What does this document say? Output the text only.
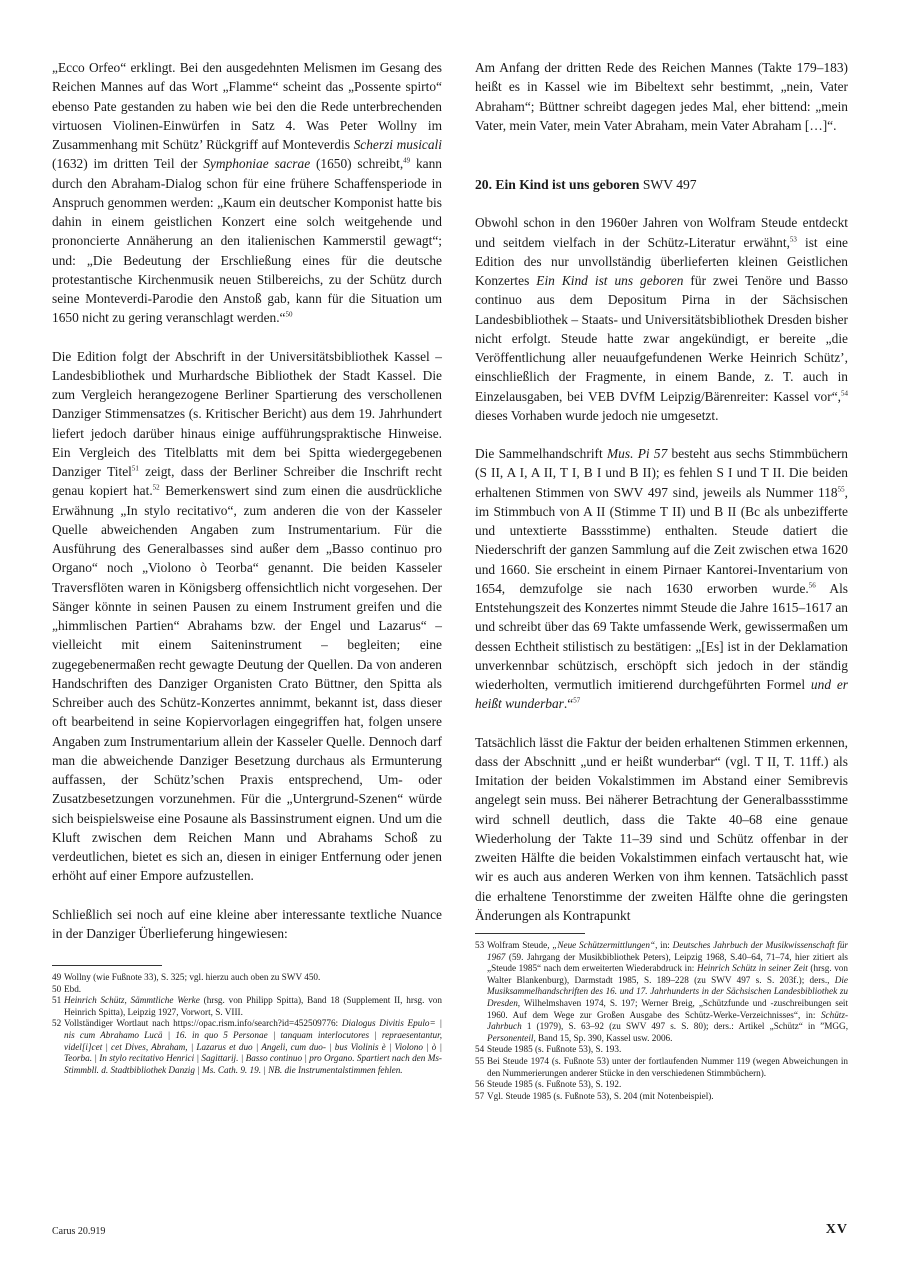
„Ecco Orfeo“ erklingt. Bei den ausgedehnten Melismen im Gesang des Reichen Mannes auf das Wort „Flamme“ scheint das „Possente spirto“ ebenso Pate gestanden zu haben wie bei den die Rede unterbrechenden virtuosen Violinen-Einwürfen in Satz 4. Was Peter Wollny im Zusammenhang mit Schütz’ Rückgriff auf Monteverdis Scherzi musicali (1632) im dritten Teil der Symphoniae sacrae (1650) schreibt,$^{49}$ kann durch den Abraham-Dialog schon für eine frühere Schaffensperiode in Anspruch genommen werden: „Kaum ein deutscher Komponist hatte bis dahin in einem geistlichen Konzert eine solch weitgehende und prononcierte Annäherung an den italienischen Kammerstil gewagt“; und: „Die Bedeutung der Erschließung eines für die deutsche protestantische Kirchenmusik neuen Stilbereichs, zu der Schütz durch seine Monteverdi-Parodie den Anstoß gab, kann für die Situation um 1650 nicht zu gering veranschlagt werden.“$^{50}$

Die Edition folgt der Abschrift in der Universitätsbibliothek Kassel – Landesbibliothek und Murhardsche Bibliothek der Stadt Kassel. Die zum Vergleich herangezogene Berliner Spartierung des verschollenen Danziger Stimmensatzes (s. Kritischer Bericht) aus dem 19. Jahrhundert liefert jedoch darüber hinaus einige aufführungspraktische Hinweise. Ein Vergleich des Titelblatts mit dem bei Spitta wiedergegebenen Danziger Titel$^{51}$ zeigt, dass der Berliner Schreiber die Inschrift recht genau kopiert hat.$^{52}$ Bemerkenswert sind zum einen die ausdrückliche Erwähnung „In stylo recitativo“, zum anderen die von der Kasseler Quelle abweichenden Angaben zum Instrumentarium. Für die Ausführung des Generalbasses sind außer dem „Basso continuo pro Organo“ noch „Violono ò Teorba“ genannt. Die beiden Kasseler Traversflöten waren in Königsberg offensichtlich nicht vorgesehen. Der Sänger könnte in seinen Pausen zu einem Instrument greifen und die „himmlischen Partien“ Abrahams bzw. der Engel und Lazarus“ – vielleicht mit einem Saiteninstrument – begleiten; eine zugegebenermaßen recht gewagte Deutung der Quellen. Da von anderen Handschriften des Danziger Organisten Crato Büttner, den Spitta als Schreiber auch des Schütz-Konzertes annimmt, bekannt ist, dass dieser oft bearbeitend in seine Kopiervorlagen eingegriffen hat, folgen unsere Angaben zum Instrumentarium allein der Kasseler Quelle. Dennoch darf man die abweichende Danziger Besetzung durchaus als Ermunterung auffassen, der Schütz’schen Praxis entsprechend, Um- oder Zusatzbesetzungen vorzunehmen. Für die „Untergrund-Szenen“ würde sich beispielsweise eine Posaune als Bassinstrument eignen. Und um die Kluft zwischen dem Reichen Mann und Abrahams Schoß zu verdeutlichen, bietet es sich an, diesen in einiger Entfernung oder jenen erhöht auf einer Empore aufzustellen.

Schließlich sei noch auf eine kleine aber interessante textliche Nuance in der Danziger Überlieferung hingewiesen:

49 Wollny (wie Fußnote 33), S. 325; vgl. hierzu auch oben zu SWV 450.
50 Ebd.
51 Heinrich Schütz, Sämmtliche Werke (hrsg. von Philipp Spitta), Band 18 (Supplement II, hrsg. von Heinrich Spitta), Leipzig 1927, Vorwort, S. VIII.
52 Vollständiger Wortlaut nach https://opac.rism.info/search?id=452509776: Dialogus Divitis Epulo= | nis cum Abrahamo Lucä | 16. in quo 5 Personae | tanquam interlocutores | repraesentantur, videl[i]cet | cet Dives, Abraham, | Lazarus et duo | Angeli, cum duo- | bus Violinis è | Violono | ò | Teorba. | In stylo recitativo Henrici | Sagittarij. | Basso continuo | pro Organo. Spartiert nach den Ms-Stimmbll. d. Stadtbibliothek Danzig | Ms. Cath. 9. 19. | NB. die Instrumentalstimmen fehlen.

Am Anfang der dritten Rede des Reichen Mannes (Takte 179–183) heißt es in Kassel wie im Bibeltext sehr bestimmt, „nein, Vater Abraham“; Büttner schreibt dagegen jedes Mal, eher bittend: „mein Vater, mein Vater, mein Vater Abraham, mein Vater Abraham […]“.

20. Ein Kind ist uns geboren SWV 497

Obwohl schon in den 1960er Jahren von Wolfram Steude entdeckt und seitdem vielfach in der Schütz-Literatur erwähnt,$^{53}$ ist eine Edition des nur unvollständig überlieferten kleinen Geistlichen Konzertes Ein Kind ist uns geboren für zwei Tenöre und Basso continuo aus dem Depositum Pirna in der Sächsischen Landesbibliothek – Staats- und Universitätsbibliothek Dresden bisher nicht erfolgt. Steude hatte zwar angekündigt, er bereite „die Veröffentlichung aller neuaufgefundenen Werke Heinrich Schütz’, einschließlich der Fragmente, in einem Bande, z. T. auch in Einzelausgaben, bei VEB DVfM Leipzig/Bärenreiter: Kassel vor“,$^{54}$ dieses Vorhaben wurde jedoch nie umgesetzt.

Die Sammelhandschrift Mus. Pi 57 besteht aus sechs Stimmbüchern (S II, A I, A II, T I, B I und B II); es fehlen S I und T II. Die beiden erhaltenen Stimmen von SWV 497 sind, jeweils als Nummer $118^{55}$, im Stimmbuch von A II (Stimme T II) und B II (Bc als unbezifferte und untextierte Bassstimme) enthalten. Steude datiert die Niederschrift der ganzen Sammlung auf die Zeit zwischen etwa 1620 und 1660. Sie erscheint in einem Pirnaer Kantorei-Inventarium von 1654, demzufolge sie nach 1630 erworben wurde.$^{56}$ Als Entstehungszeit des Konzertes nimmt Steude die Jahre 1615–1617 an und schreibt über das 69 Takte umfassende Werk, gewissermaßen um dessen Echtheit stilistisch zu bestätigen: „[Es] ist in der Deklamation unverkennbar schützisch, erschöpft sich jedoch in der ständig wiederholten, vermutlich imitierend durchgeführten Formel und er heißt wunderbar.“$^{57}$

Tatsächlich lässt die Faktur der beiden erhaltenen Stimmen erkennen, dass der Abschnitt „und er heißt wunderbar“ (vgl. T II, T. 11ff.) als Imitation der beiden Vokalstimmen im Abstand einer Semibrevis angelegt sein muss. Bei näherer Betrachtung der Generalbassstimme wird schnell deutlich, dass die Takte 40–68 eine genaue Wiederholung der Takte 11–39 sind und Schütz offenbar in der zweiten Hälfte die beiden Vokalstimmen einfach vertauscht hat, wie wir es auch aus anderen Werken von ihm kennen. Tatsächlich passt die erhaltene Tenorstimme der zweiten Hälfte ohne die geringsten Änderungen als Kontrapunkt

53 Wolfram Steude, „Neue Schützermittlungen“, in: Deutsches Jahrbuch der Musikwissenschaft für 1967 (59. Jahrgang der Musikbibliothek Peters), Leipzig 1968, S.40–64, 71–74, hier zitiert als „Steude 1985“ nach dem erweiterten Wiederabdruck in: Heinrich Schütz in seiner Zeit (hrsg. von Walter Blankenburg), Darmstadt 1985, S. 189–228 (zu SWV 497 s. S. 203f.); ders., Die Musiksammelhandschriften des 16. und 17. Jahrhunderts in der Sächsischen Landesbibliothek zu Dresden, Wilhelmshaven 1974, S. 197; Werner Breig, „Schützfunde und -zuschreibungen seit 1960. Auf dem Wege zur Großen Ausgabe des Schütz-Werke-Verzeichnisses“, in: Schütz-Jahrbuch 1 (1979), S. 63–92 (zu SWV 497 s. S. 80); ders.: Artikel „Schütz“ in ”MGG, Personenteil, Band 15, Sp. 390, Kassel usw. 2006.
54 Steude 1985 (s. Fußnote 53), S. 193.
55 Bei Steude 1974 (s. Fußnote 53) unter der fortlaufenden Nummer 119 (wegen Abweichungen in den Nummerierungen anderer Stücke in den verschiedenen Stimmbüchern).
56 Steude 1985 (s. Fußnote 53), S. 192.
57 Vgl. Steude 1985 (s. Fußnote 53), S. 204 (mit Notenbeispiel).
Carus 20.919	XV
